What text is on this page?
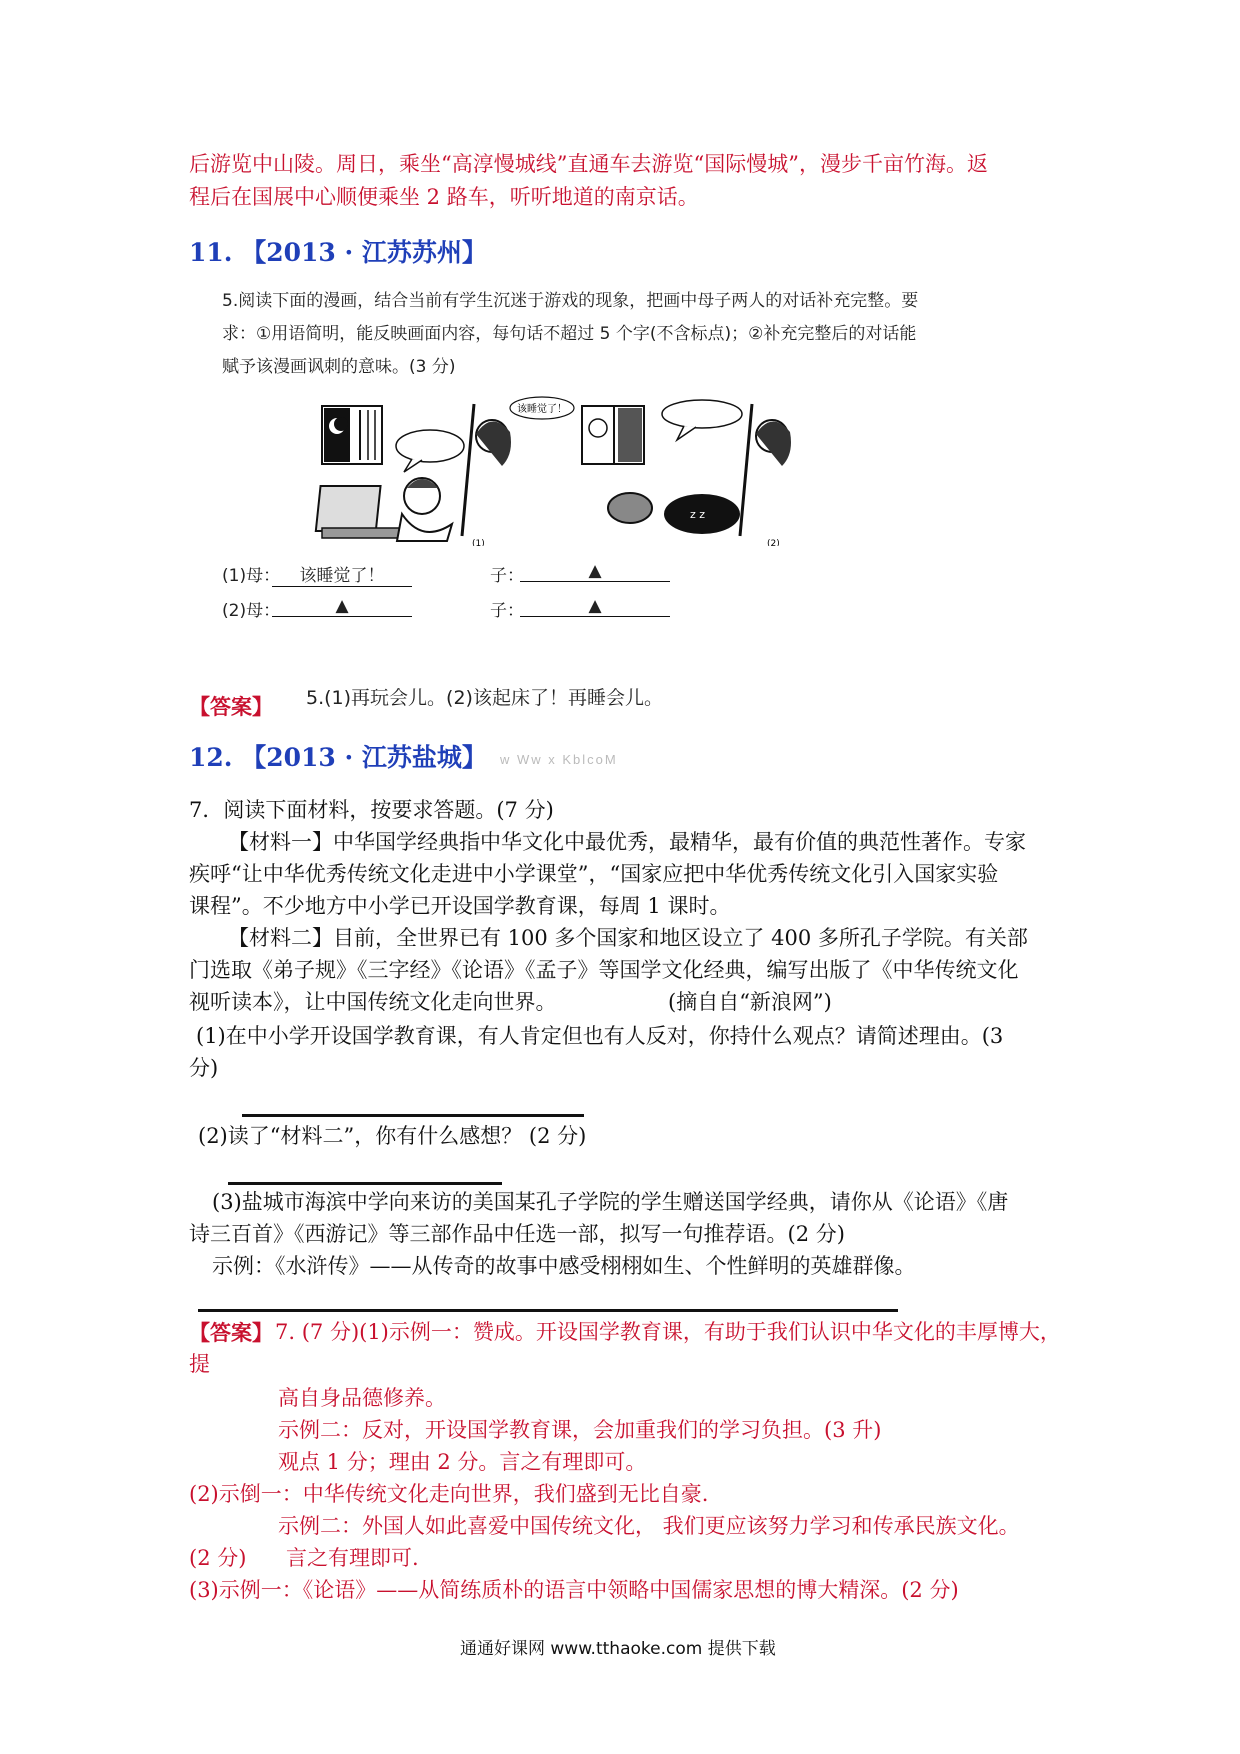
后游览中山陵。周日，乘坐“高淳慢城线”直通车去游览“国际慢城”，漫步千亩竹海。返
程后在国展中心顺便乘坐 2 路车，听听地道的南京话。
11. 【2013 · 江苏苏州】
5.阅读下面的漫画，结合当前有学生沉迷于游戏的现象，把画中母子两人的对话补充完整。要
求：①用语简明，能反映画面内容，每句话不超过 5 个字(不含标点)；②补充完整后的对话能
赋予该漫画讽刺的意味。(3 分)
该睡觉了！
(1)
z z
(2)
(1)母：	该睡觉了！	子：	▲
(2)母：	▲	子：	▲
5.(1)再玩会儿。(2)该起床了！再睡会儿。
【答案】
12. 【2013 · 江苏盐城】 w Ww x KblcoM
7．阅读下面材料，按要求答题。(7 分)
【材料一】中华国学经典指中华文化中最优秀，最精华，最有价值的典范性著作。专家
疾呼“让中华优秀传统文化走进中小学课堂”，“国家应把中华优秀传统文化引入国家实验
课程”。不少地方中小学已开设国学教育课，每周 1 课时。
【材料二】目前，全世界已有 100 多个国家和地区设立了 400 多所孔子学院。有关部
门选取《弟子规》《三字经》《论语》《孟子》等国学文化经典，编写出版了《中华传统文化
视听读本》，让中国传统文化走向世界。	(摘自自“新浪网”)
(1)在中小学开设国学教育课，有人肯定但也有人反对，你持什么观点？请简述理由。(3
分)
(2)读了“材料二”，你有什么感想？ (2 分)
(3)盐城市海滨中学向来访的美国某孔子学院的学生赠送国学经典，请你从《论语》《唐
诗三百首》《西游记》等三部作品中任选一部，拟写一句推荐语。(2 分)
示例：《水浒传》——从传奇的故事中感受栩栩如生、个性鲜明的英雄群像。
【答案】 7. (7 分)(1)示例一：赞成。开设国学教育课，有助于我们认识中华文化的丰厚博大，
提
高自身品德修养。
示例二：反对，开设国学教育课，会加重我们的学习负担。(3 升)
观点 1 分；理由 2 分。言之有理即可。
(2)示倒一：中华传统文化走向世界，我们盛到无比自豪.
示例二：外国人如此喜爱中国传统文化， 我们更应该努力学习和传承民族文化。
(2 分) 言之有理即可.
(3)示例一：《论语》——从简练质朴的语言中领略中国儒家思想的博大精深。(2 分)
通通好课网 www.tthaoke.com 提供下载
